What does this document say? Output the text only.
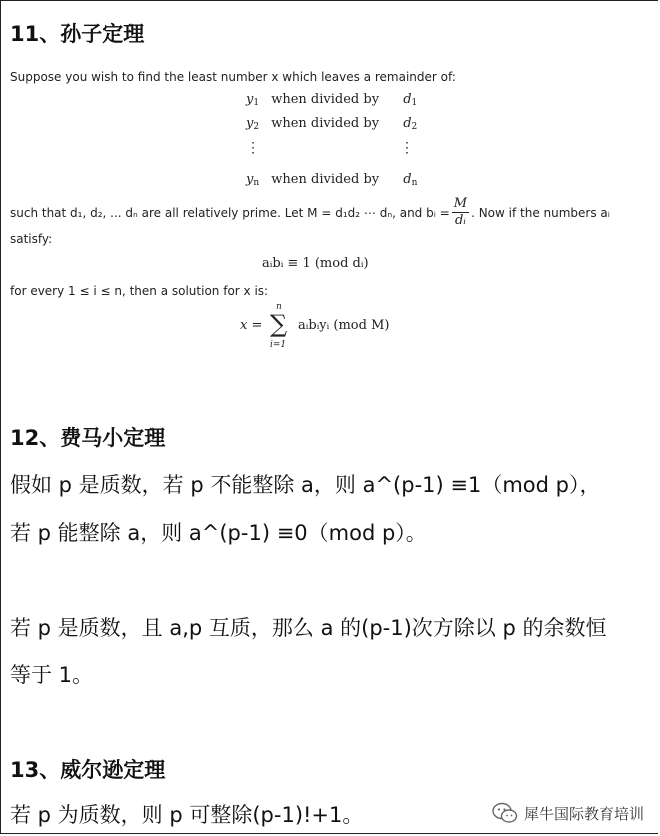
11、孙子定理
Suppose you wish to find the least number x which leaves a remainder of:
$y_1$ when divided by $d_1$
$y_2$ when divided by $d_2$
⋮	⋮
$y_n$ when divided by $d_n$
such that d₁, d₂, ... dₙ are all relatively prime. Let M = d₁d₂ ⋯ dₙ, and bᵢ = $\frac{M}{\text{dᵢ}}$ . Now if the numbers aᵢ
satisfy:
aᵢbᵢ ≡ 1 (mod dᵢ)
for every 1 ≤ i ≤ n, then a solution for x is:
x =
n
∑
i=1
aᵢbᵢyᵢ (mod M)
12、费马小定理
假如 p 是质数，若 p 不能整除 a，则 a^(p-1) ≡1（mod p），
若 p 能整除 a，则 a^(p-1) ≡0（mod p）。
若 p 是质数，且 a,p 互质，那么 a 的(p-1)次方除以 p 的余数恒
等于 1。
13、威尔逊定理
若 p 为质数，则 p 可整除(p-1)!+1。	犀牛国际教育培训
